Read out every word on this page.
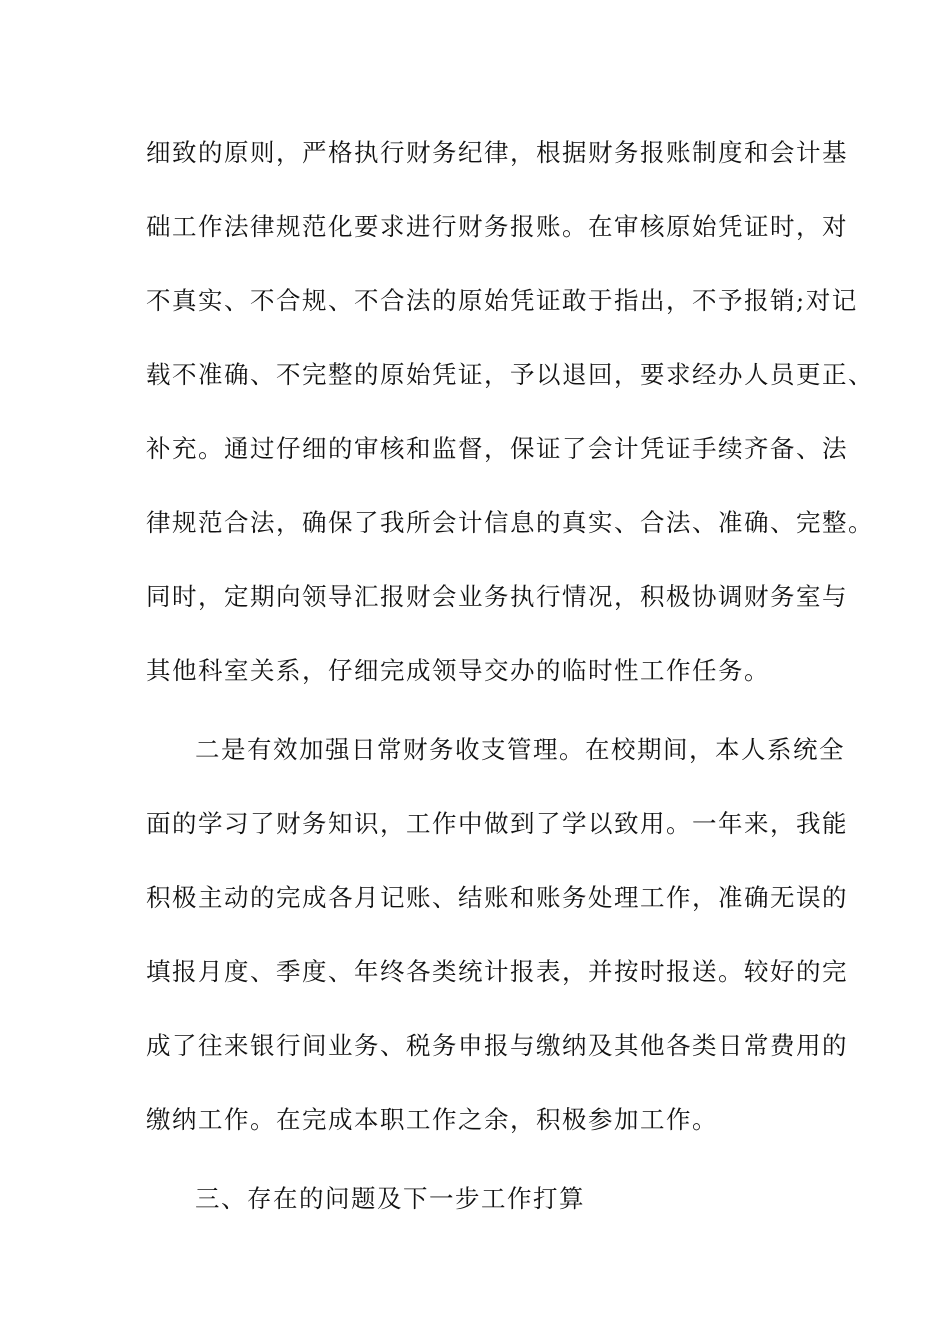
细致的原则，严格执行财务纪律，根据财务报账制度和会计基
础工作法律规范化要求进行财务报账。在审核原始凭证时，对
不真实、不合规、不合法的原始凭证敢于指出，不予报销;对记
载不准确、不完整的原始凭证，予以退回，要求经办人员更正、
补充。通过仔细的审核和监督，保证了会计凭证手续齐备、法
律规范合法，确保了我所会计信息的真实、合法、准确、完整。
同时，定期向领导汇报财会业务执行情况，积极协调财务室与
其他科室关系，仔细完成领导交办的临时性工作任务。
二是有效加强日常财务收支管理。在校期间，本人系统全
面的学习了财务知识，工作中做到了学以致用。一年来，我能
积极主动的完成各月记账、结账和账务处理工作，准确无误的
填报月度、季度、年终各类统计报表，并按时报送。较好的完
成了往来银行间业务、税务申报与缴纳及其他各类日常费用的
缴纳工作。在完成本职工作之余，积极参加工作。
三、存在的问题及下一步工作打算
